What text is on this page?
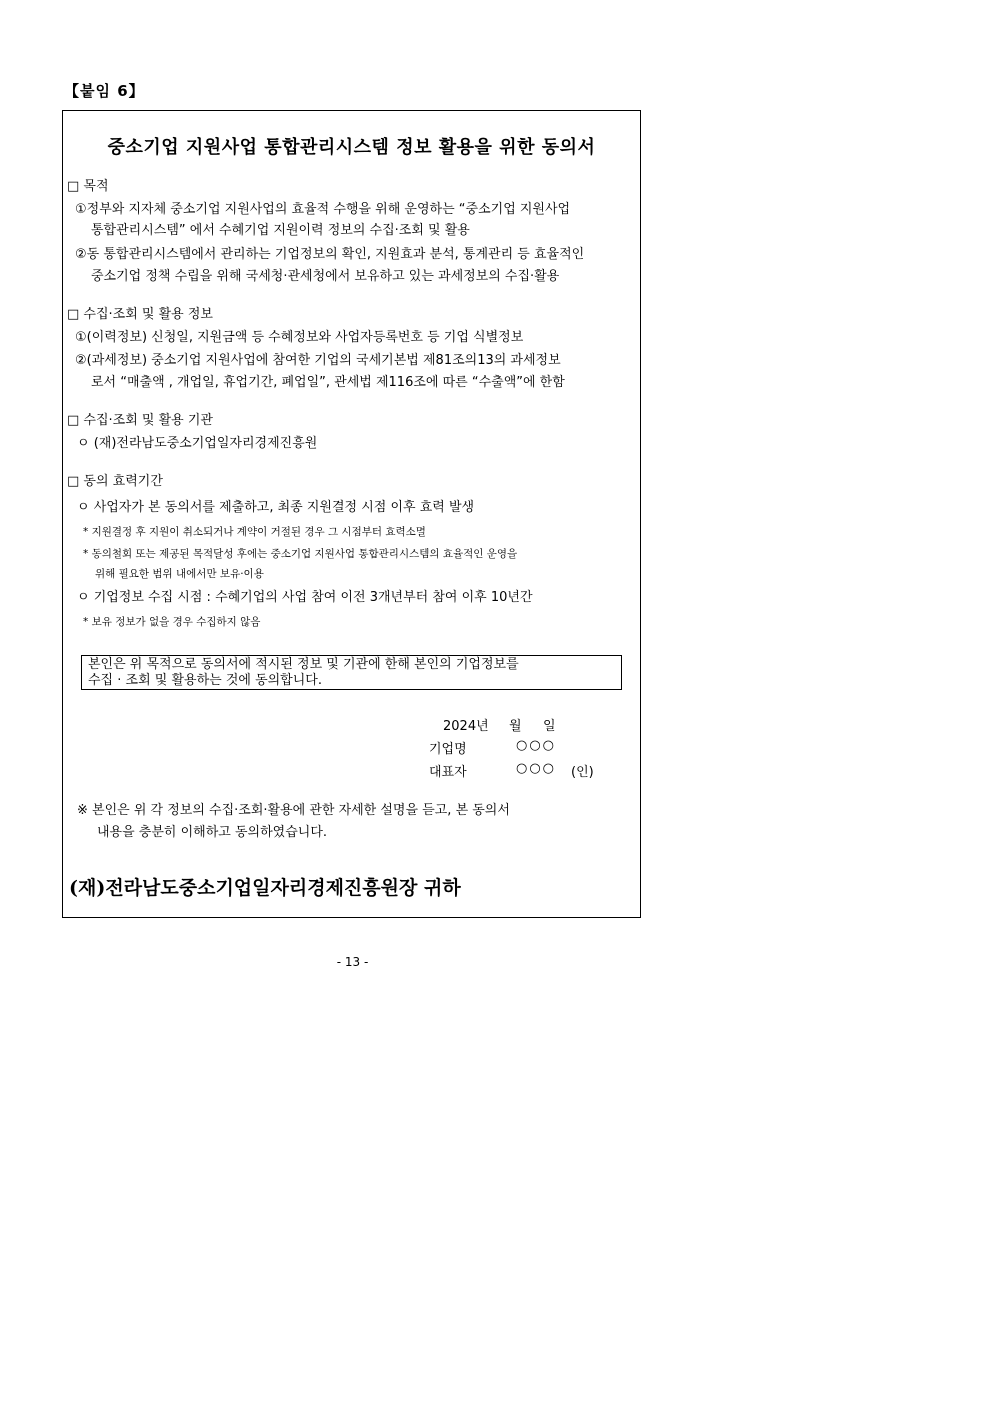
【붙임 6】
중소기업 지원사업 통합관리시스템 정보 활용을 위한 동의서
□ 목적
①정부와 지자체 중소기업 지원사업의 효율적 수행을 위해 운영하는 “중소기업 지원사업
통합관리시스템” 에서 수혜기업 지원이력 정보의 수집·조회 및 활용
②동 통합관리시스템에서 관리하는 기업정보의 확인, 지원효과 분석, 통계관리 등 효율적인
중소기업 정책 수립을 위해 국세청·관세청에서 보유하고 있는 과세정보의 수집·활용
□ 수집·조회 및 활용 정보
①(이력정보) 신청일, 지원금액 등 수혜정보와 사업자등록번호 등 기업 식별정보
②(과세정보) 중소기업 지원사업에 참여한 기업의 국세기본법 제81조의13의 과세정보
로서 “매출액 , 개업일, 휴업기간, 폐업일”, 관세법 제116조에 따른 “수출액”에 한함
□ 수집·조회 및 활용 기관
ㅇ (재)전라남도중소기업일자리경제진흥원
□ 동의 효력기간
ㅇ 사업자가 본 동의서를 제출하고, 최종 지원결정 시점 이후 효력 발생
* 지원결정 후 지원이 취소되거나 계약이 거절된 경우 그 시점부터 효력소멸
* 동의철회 또는 제공된 목적달성 후에는 중소기업 지원사업 통합관리시스템의 효율적인 운영을
위해 필요한 범위 내에서만 보유·이용
ㅇ 기업정보 수집 시점 : 수혜기업의 사업 참여 이전 3개년부터 참여 이후 10년간
* 보유 정보가 없을 경우 수집하지 않음
본인은 위 목적으로 동의서에 적시된 정보 및 기관에 한해 본인의 기업정보를
수집 · 조회 및 활용하는 것에 동의합니다.
2024년 월 일
기업명	○○○
대표자	○○○ (인)
※ 본인은 위 각 정보의 수집·조회·활용에 관한 자세한 설명을 듣고, 본 동의서
내용을 충분히 이해하고 동의하였습니다.
(재)전라남도중소기업일자리경제진흥원장 귀하
- 13 -
